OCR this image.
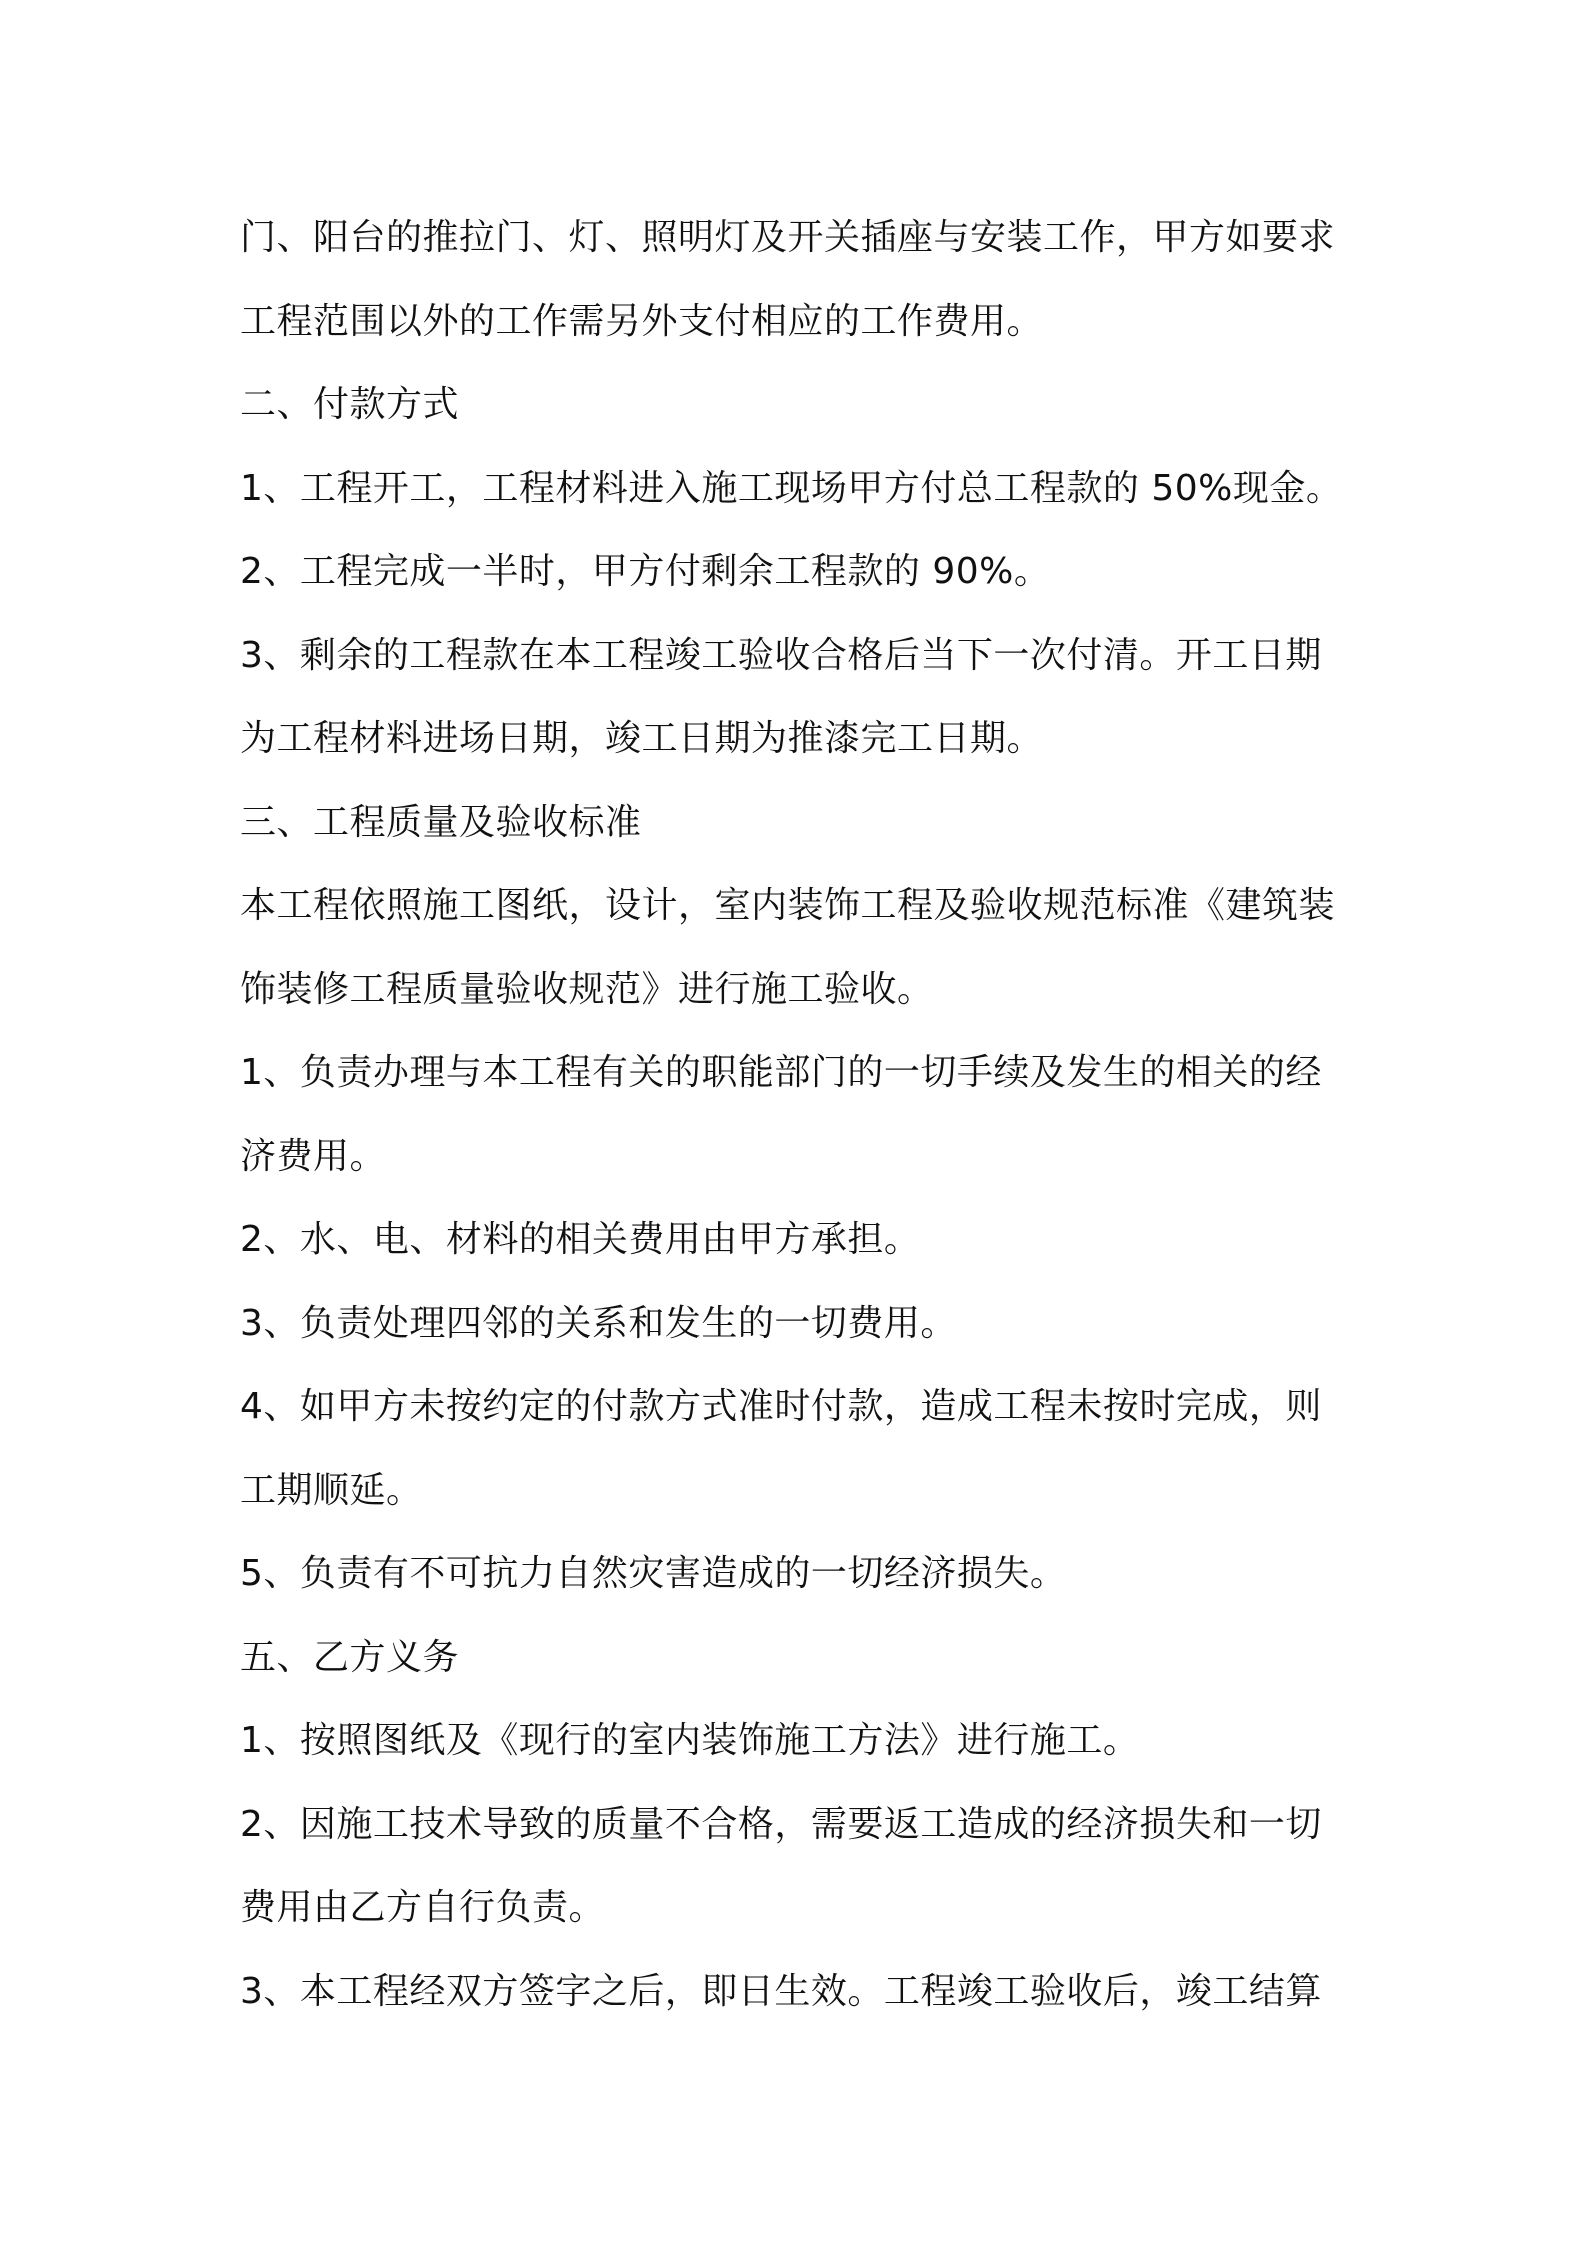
门、阳台的推拉门、灯、照明灯及开关插座与安装工作，甲方如要求
工程范围以外的工作需另外支付相应的工作费用。
二、付款方式
1、工程开工，工程材料进入施工现场甲方付总工程款的 50%现金。
2、工程完成一半时，甲方付剩余工程款的 90%。
3、剩余的工程款在本工程竣工验收合格后当下一次付清。开工日期
为工程材料进场日期，竣工日期为推漆完工日期。
三、工程质量及验收标准
本工程依照施工图纸，设计，室内装饰工程及验收规范标准《建筑装
饰装修工程质量验收规范》进行施工验收。
1、负责办理与本工程有关的职能部门的一切手续及发生的相关的经
济费用。
2、水、电、材料的相关费用由甲方承担。
3、负责处理四邻的关系和发生的一切费用。
4、如甲方未按约定的付款方式准时付款，造成工程未按时完成，则
工期顺延。
5、负责有不可抗力自然灾害造成的一切经济损失。
五、乙方义务
1、按照图纸及《现行的室内装饰施工方法》进行施工。
2、因施工技术导致的质量不合格，需要返工造成的经济损失和一切
费用由乙方自行负责。
3、本工程经双方签字之后，即日生效。工程竣工验收后，竣工结算
